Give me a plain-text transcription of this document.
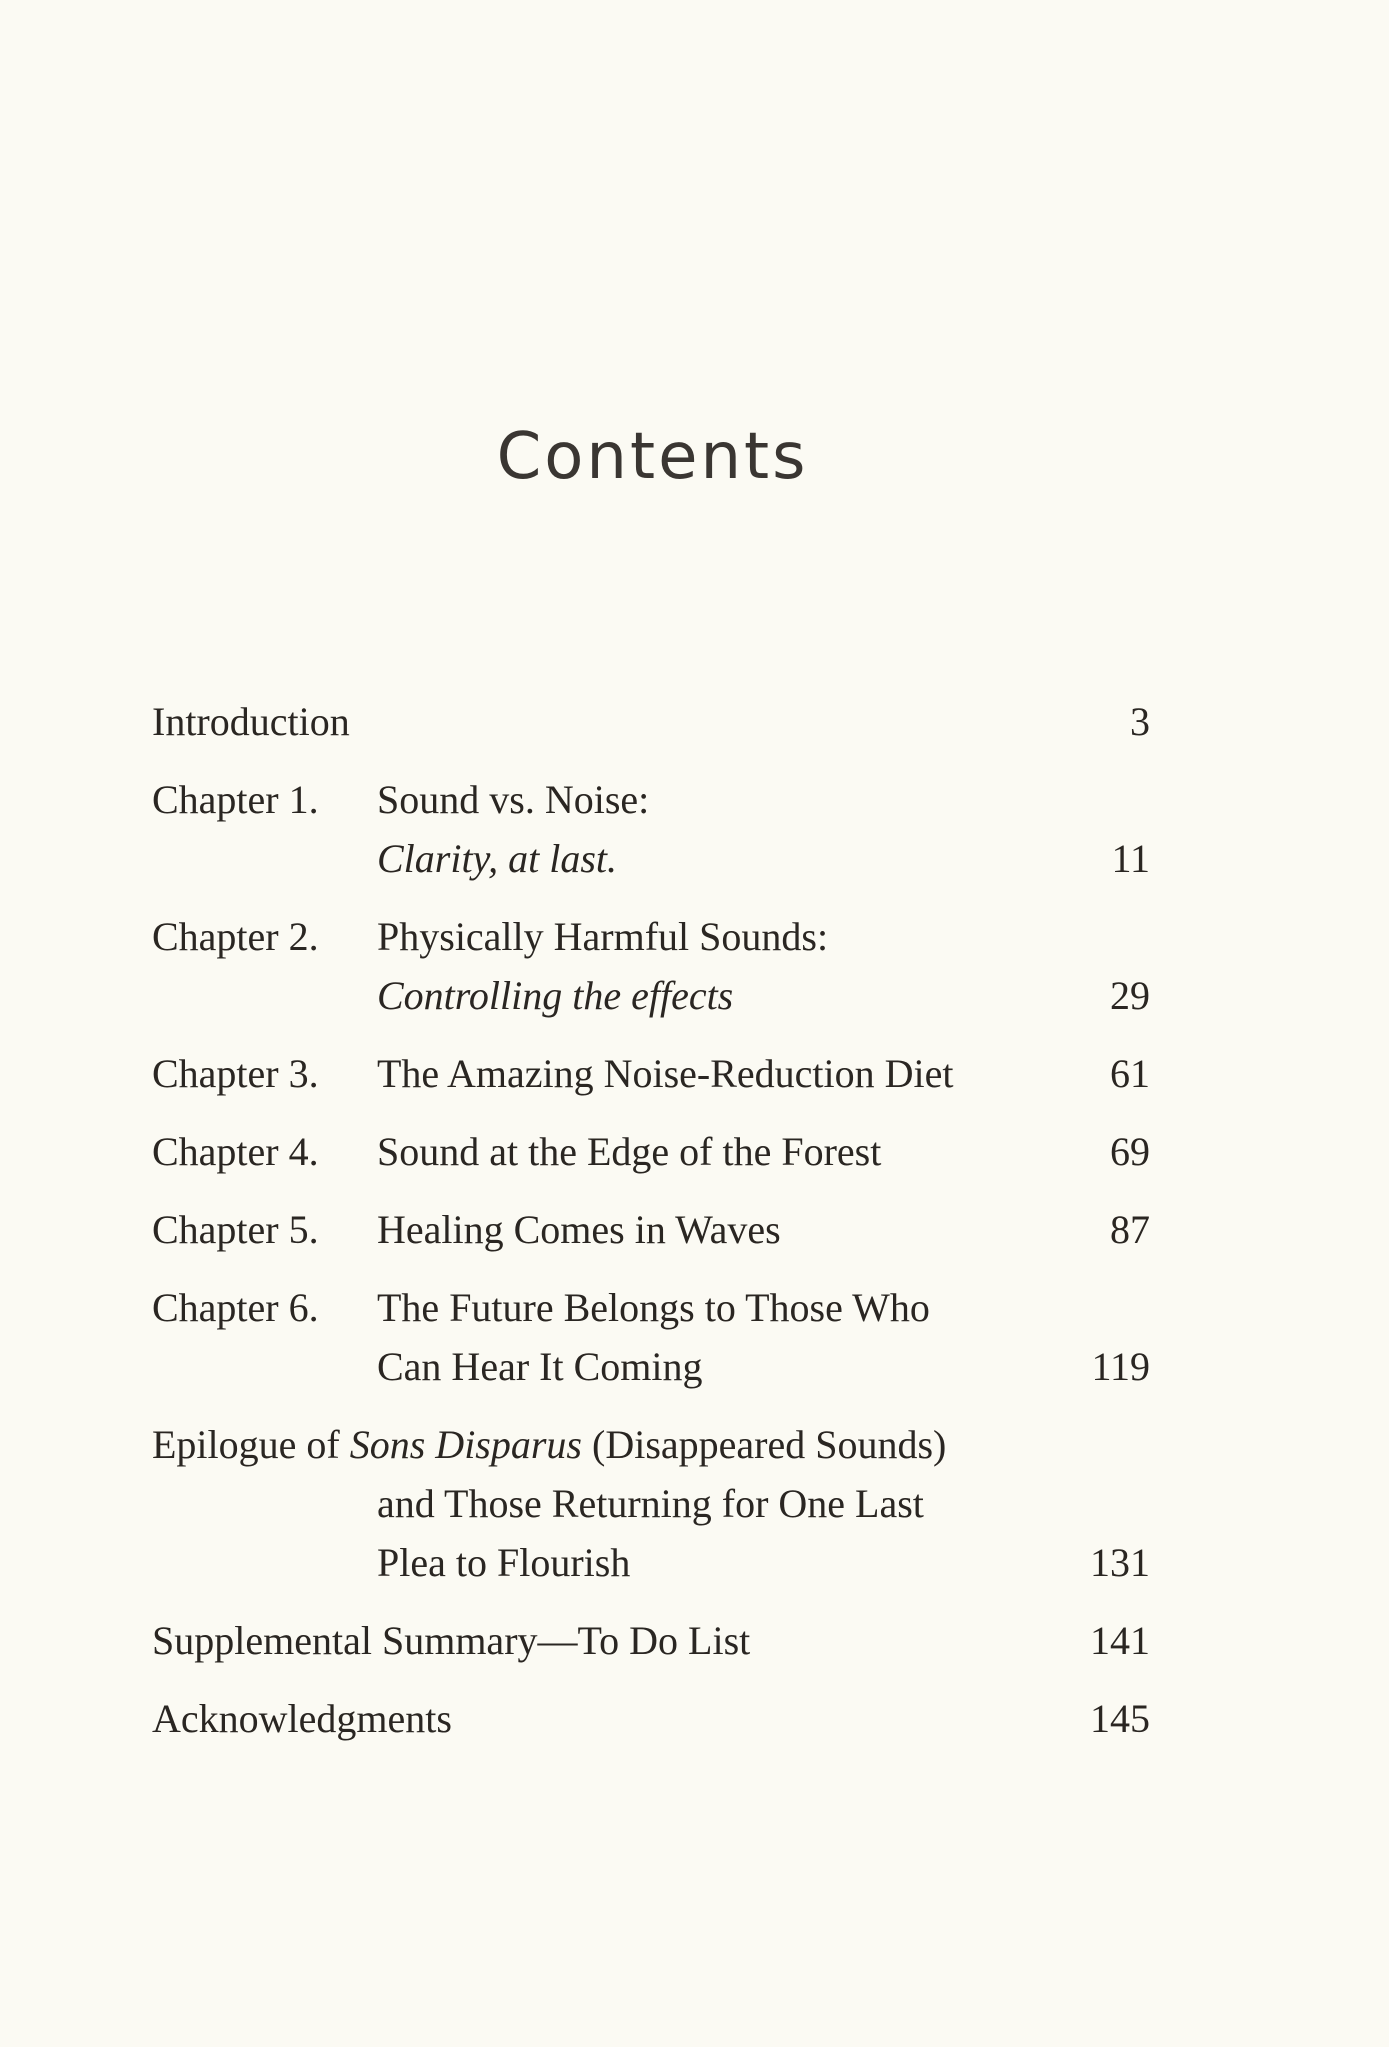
Contents
Introduction	3
Chapter 1. Sound vs. Noise:
Clarity, at last.	11
Chapter 2. Physically Harmful Sounds:
Controlling the effects	29
Chapter 3. The Amazing Noise-Reduction Diet	61
Chapter 4. Sound at the Edge of the Forest	69
Chapter 5. Healing Comes in Waves	87
Chapter 6. The Future Belongs to Those Who
Can Hear It Coming	119
Epilogue of Sons Disparus (Disappeared Sounds)
and Those Returning for One Last
Plea to Flourish	131
Supplemental Summary—To Do List	141
Acknowledgments	145
